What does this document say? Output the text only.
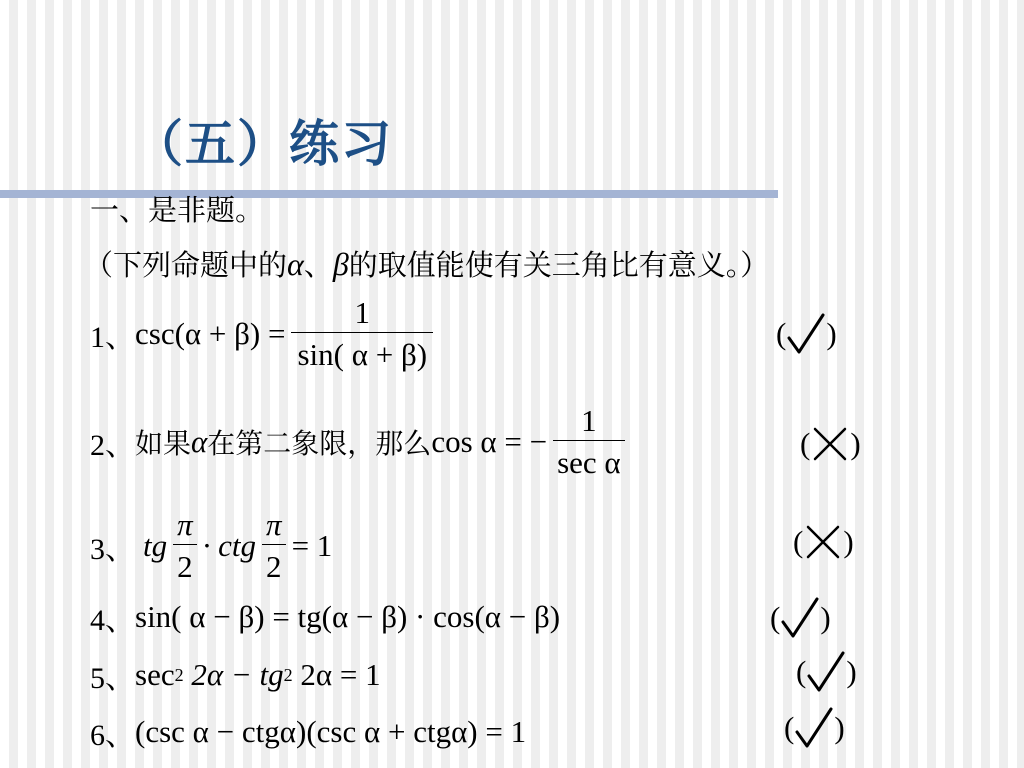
（五）练习
一、是非题。
（下列命题中的α、β的取值能使有关三角比有意义。）
1、 $\csc(\alpha + \beta) = \frac{1}{\sin( \alpha + \beta)}$	( )
2、 如果 α 在第二象限，那么 cos α = − $\frac{1}{\text{sec α}}$	( )
3、 tg $\frac{\pi}{2}$ · ctg $\frac{\pi}{2} = 1$	( )
4、 sin( α − β) = tg(α − β) · cos(α − β)	( )
5、 sec 2 2α − tg 2 2α = 1	( )
6、 (csc α − ctgα)(csc α + ctgα) = 1	( )
